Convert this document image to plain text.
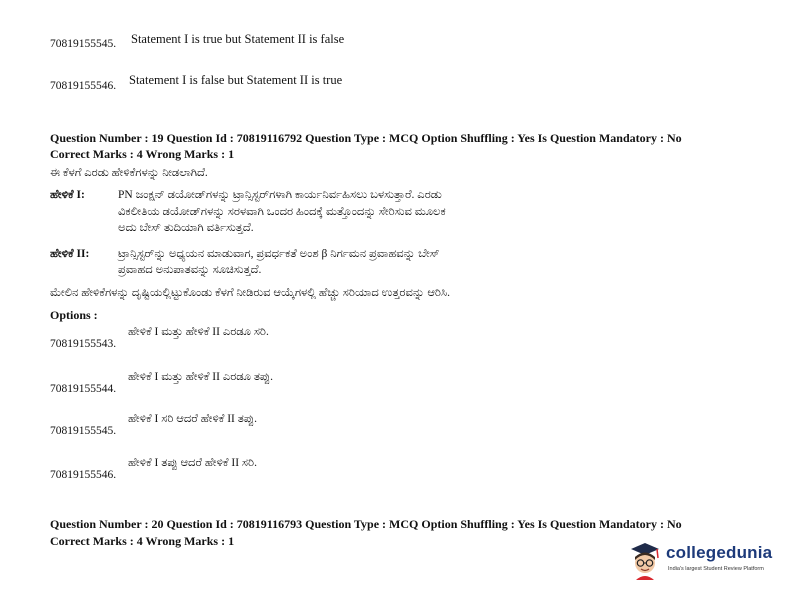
70819155545. Statement I is true but Statement II is false
70819155546. Statement I is false but Statement II is true
Question Number : 19 Question Id : 70819116792 Question Type : MCQ Option Shuffling : Yes Is Question Mandatory : No
Correct Marks : 4 Wrong Marks : 1
ಈ ಕೆಳಗೆ ಎರಡು ಹೇಳಿಕೆಗಳನ್ನು ನೀಡಲಾಗಿದೆ.
ಹೇಳಿಕೆ I:	PN ಜಂಕ್ಷನ್ ಡಯೋಡ್‌ಗಳನ್ನು ಟ್ರಾನ್ಸಿಸ್ಟರ್‌ಗಳಾಗಿ ಕಾರ್ಯನಿರ್ವಹಿಸಲು ಬಳಸುತ್ತಾರೆ. ಎರಡು
ವಿಕಲೀತಿಯ ಡಯೋಡ್‌ಗಳನ್ನು ಸರಳವಾಗಿ ಒಂದರ ಹಿಂದಕ್ಕೆ ಮತ್ತೊಂದನ್ನು ಸೇರಿಸುವ ಮೂಲಕ
ಅದು ಬೇಸ್ ತುದಿಯಾಗಿ ವರ್ತಿಸುತ್ತದೆ.
ಹೇಳಿಕೆ II: ಟ್ರಾನ್ಸಿಸ್ಟರ್‌ನ್ನು ಅಧ್ಯಯನ ಮಾಡುವಾಗ, ಪ್ರವರ್ಧಕತೆ ಅಂಶ β ನಿರ್ಗಮನ ಪ್ರವಾಹವನ್ನು ಬೇಸ್
ಪ್ರವಾಹದ ಅನುಪಾತವನ್ನು ಸೂಚಿಸುತ್ತದೆ.
ಮೇಲಿನ ಹೇಳಿಕೆಗಳನ್ನು ದೃಷ್ಟಿಯಲ್ಲಿಟ್ಟುಕೊಂಡು ಕೆಳಗೆ ನೀಡಿರುವ ಆಯ್ಕೆಗಳಲ್ಲಿ ಹೆಚ್ಚು ಸರಿಯಾದ ಉತ್ತರವನ್ನು ಆರಿಸಿ.
Options :
70819155543.
ಹೇಳಿಕೆ I ಮತ್ತು ಹೇಳಿಕೆ II ಎರಡೂ ಸರಿ.
70819155544.
ಹೇಳಿಕೆ I ಮತ್ತು ಹೇಳಿಕೆ II ಎರಡೂ ತಪ್ಪು.
70819155545.
ಹೇಳಿಕೆ I ಸರಿ ಆದರೆ ಹೇಳಿಕೆ II ತಪ್ಪು.
70819155546.
ಹೇಳಿಕೆ I ತಪ್ಪು ಆದರೆ ಹೇಳಿಕೆ II ಸರಿ.
Question Number : 20 Question Id : 70819116793 Question Type : MCQ Option Shuffling : Yes Is Question Mandatory : No
Correct Marks : 4 Wrong Marks : 1
collegedunia
India's largest Student Review Platform
